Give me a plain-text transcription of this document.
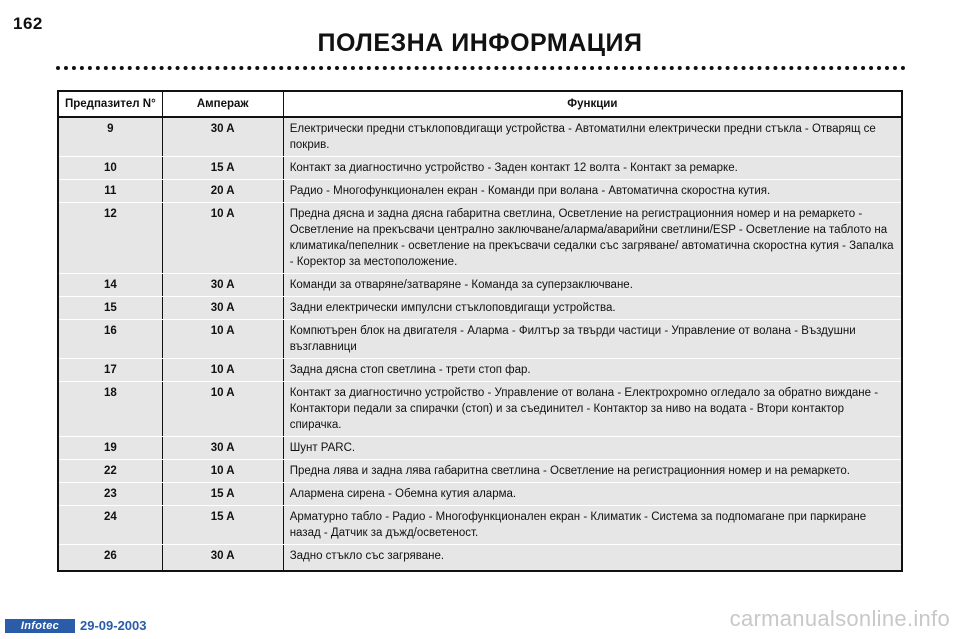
162
ПОЛЕЗНА ИНФОРМАЦИЯ
Предпазител N°	Ампераж	Функции
9	30 A	Електрически предни стъклоповдигащи устройства - Автоматилни електрически предни стъкла - Отварящ се покрив.
10	15 A	Контакт за диагностично устройство - Заден контакт 12 волта - Контакт за ремарке.
11	20 A	Радио - Многофункционален екран - Команди при волана - Автоматична скоростна кутия.
12	10 A	Предна дясна и задна дясна габаритна светлина, Осветление на регистрационния номер и на ремаркето - Осветление на прекъсвачи централно заключване/аларма/аварийни светлини/ESP - Осветление на таблото на климатика/пепелник - осветление на прекъсвачи седалки със загряване/ автоматична скоростна кутия - Запалка - Коректор за местоположение.
14	30 A	Команди за отваряне/затваряне - Команда за суперзаключване.
15	30 A	Задни електрически импулсни стъклоповдигащи устройства.
16	10 A	Компютърен блок на двигателя - Аларма - Филтър за твърди частици - Управление от волана - Въздушни възглавници
17	10 A	Задна дясна стоп светлина - трети стоп фар.
18	10 A	Контакт за диагностично устройство - Управление от волана - Електрохромно огледало за обратно виждане - Контактори педали за спирачки (стоп) и за съединител - Контактор за ниво на водата - Втори контактор спирачка.
19	30 A	Шунт PARC.
22	10 A	Предна лява и задна лява габаритна светлина - Осветление на регистрационния номер и на ремаркето.
23	15 A	Алармена сирена - Обемна кутия аларма.
24	15 A	Арматурно табло - Радио - Многофункционален екран - Климатик - Система за подпомагане при паркиране назад - Датчик за дъжд/осветеност.
26	30 A	Задно стъкло със загряване.
Infotec	29-09-2003	carmanualsonline.info
